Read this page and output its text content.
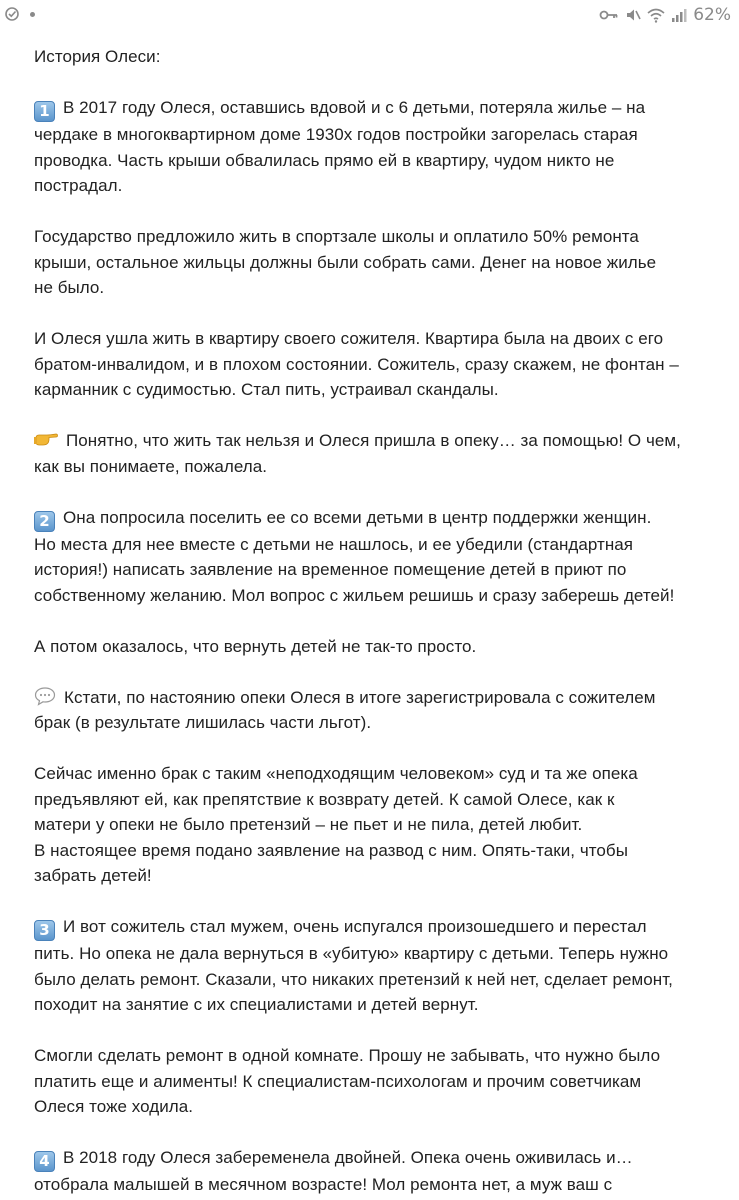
62%

История Олеси:

1 В 2017 году Олеся, оставшись вдовой и с 6 детьми, потеряла жилье – на

чердаке в многоквартирном доме 1930х годов постройки загорелась старая

проводка. Часть крыши обвалилась прямо ей в квартиру, чудом никто не

пострадал.

Государство предложило жить в спортзале школы и оплатило 50% ремонта

крыши, остальное жильцы должны были собрать сами. Денег на новое жилье

не было.

И Олеся ушла жить в квартиру своего сожителя. Квартира была на двоих с его

братом-инвалидом, и в плохом состоянии. Сожитель, сразу скажем, не фонтан –

карманник с судимостью. Стал пить, устраивал скандалы.

Понятно, что жить так нельзя и Олеся пришла в опеку… за помощью! О чем,

как вы понимаете, пожалела.

2 Она попросила поселить ее со всеми детьми в центр поддержки женщин.

Но места для нее вместе с детьми не нашлось, и ее убедили (стандартная

история!) написать заявление на временное помещение детей в приют по

собственному желанию. Мол вопрос с жильем решишь и сразу заберешь детей!

А потом оказалось, что вернуть детей не так-то просто.

Кстати, по настоянию опеки Олеся в итоге зарегистрировала с сожителем

брак (в результате лишилась части льгот).

Сейчас именно брак с таким «неподходящим человеком» суд и та же опека

предъявляют ей, как препятствие к возврату детей. К самой Олесе, как к

матери у опеки не было претензий – не пьет и не пила, детей любит.

В настоящее время подано заявление на развод с ним. Опять-таки, чтобы

забрать детей!

3 И вот сожитель стал мужем, очень испугался произошедшего и перестал

пить. Но опека не дала вернуться в «убитую» квартиру с детьми. Теперь нужно

было делать ремонт. Сказали, что никаких претензий к ней нет, сделает ремонт,

походит на занятие с их специалистами и детей вернут.

Смогли сделать ремонт в одной комнате. Прошу не забывать, что нужно было

платить еще и алименты! К специалистам-психологам и прочим советчикам

Олеся тоже ходила.

4 В 2018 году Олеся забеременела двойней. Опека очень оживилась и…

отобрала малышей в месячном возрасте! Мол ремонта нет, а муж ваш с
